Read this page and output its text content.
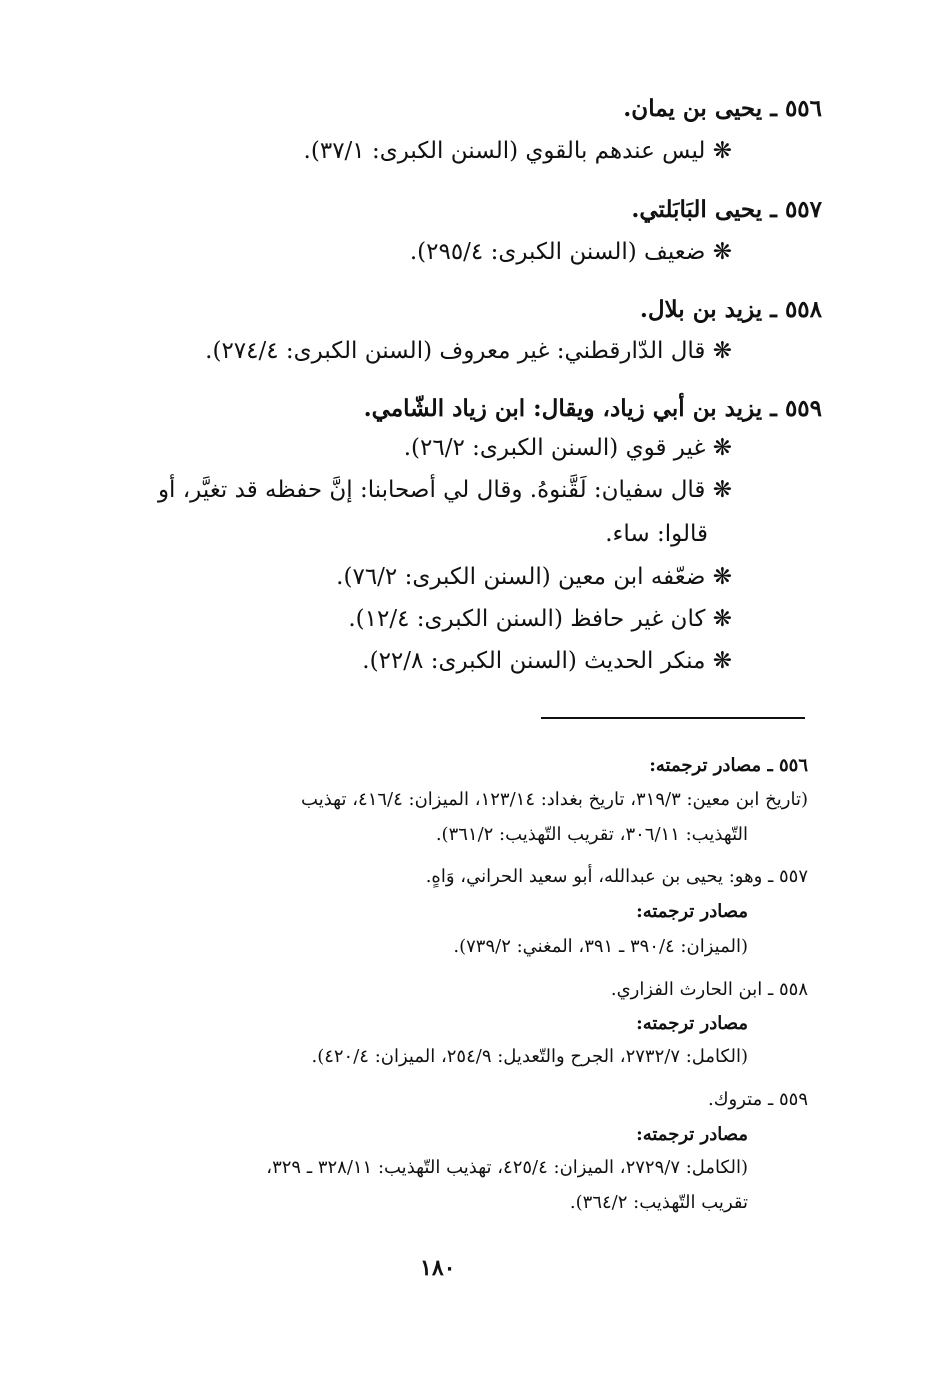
٥٥٦ ـ يحيى بن يمان.
❋ ليس عندهم بالقوي (السنن الكبرى: ٣٧/١).
٥٥٧ ـ يحيى البَابَلتي.
❋ ضعيف (السنن الكبرى: ٢٩٥/٤).
٥٥٨ ـ يزيد بن بلال.
❋ قال الدّارقطني: غير معروف (السنن الكبرى: ٢٧٤/٤).
٥٥٩ ـ يزيد بن أبي زياد، ويقال: ابن زياد الشّامي.
❋ غير قوي (السنن الكبرى: ٢٦/٢).
❋ قال سفيان: لَقَّنوهُ. وقال لي أصحابنا: إنَّ حفظه قد تغيَّر، أو
قالوا: ساء.
❋ ضعّفه ابن معين (السنن الكبرى: ٧٦/٢).
❋ كان غير حافظ (السنن الكبرى: ١٢/٤).
❋ منكر الحديث (السنن الكبرى: ٢٢/٨).
٥٥٦ ـ مصادر ترجمته:
(تاريخ ابن معين: ٣١٩/٣، تاريخ بغداد: ١٢٣/١٤، الميزان: ٤١٦/٤، تهذيب
التّهذيب: ٣٠٦/١١، تقريب التّهذيب: ٣٦١/٢).
٥٥٧ ـ وهو: يحيى بن عبدالله، أبو سعيد الحراني، وَاهٍ.
مصادر ترجمته:
(الميزان: ٣٩٠/٤ ـ ٣٩١، المغني: ٧٣٩/٢).
٥٥٨ ـ ابن الحارث الفزاري.
مصادر ترجمته:
(الكامل: ٢٧٣٢/٧، الجرح والتّعديل: ٢٥٤/٩، الميزان: ٤٢٠/٤).
٥٥٩ ـ متروك.
مصادر ترجمته:
(الكامل: ٢٧٢٩/٧، الميزان: ٤٢٥/٤، تهذيب التّهذيب: ٣٢٨/١١ ـ ٣٢٩،
تقريب التّهذيب: ٣٦٤/٢).
١٨٠
